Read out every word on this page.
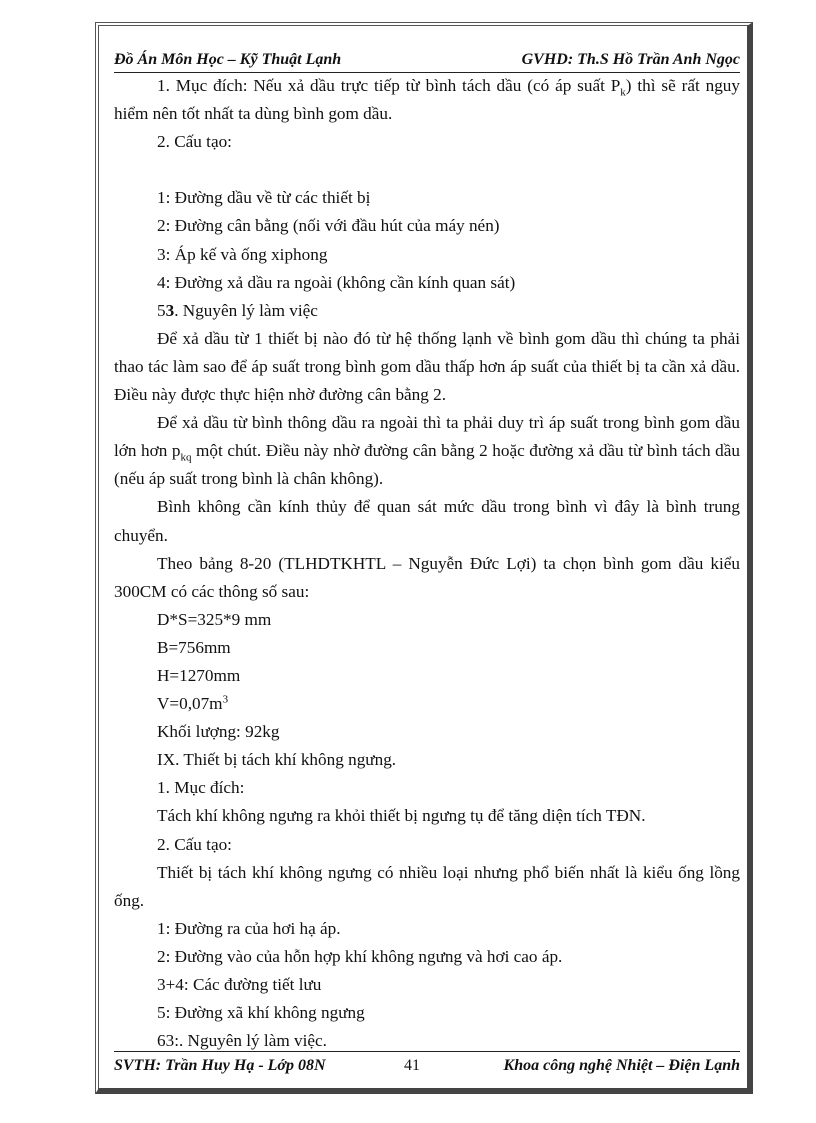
Đồ Án Môn Học – Kỹ Thuật Lạnh	GVHD: Th.S Hồ Trần Anh Ngọc

1. Mục đích: Nếu xả dầu trực tiếp từ bình tách dầu (có áp suất $P_k$) thì sẽ rất nguy hiểm nên tốt nhất ta dùng bình gom dầu.

2. Cấu tạo:

1: Đường dầu về từ các thiết bị

2: Đường cân bằng (nối với đầu hút của máy nén)

3: Áp kế và ống xiphong

4: Đường xả dầu ra ngoài (không cần kính quan sát)

53. Nguyên lý làm việc

Để xả dầu từ 1 thiết bị nào đó từ hệ thống lạnh về bình gom dầu thì chúng ta phải thao tác làm sao để áp suất trong bình gom dầu thấp hơn áp suất của thiết bị ta cần xả dầu. Điều này được thực hiện nhờ đường cân bằng 2.

Để xả dầu từ bình thông dầu ra ngoài thì ta phải duy trì áp suất trong bình gom dầu lớn hơn $p_{kq}$ một chút. Điều này nhờ đường cân bằng 2 hoặc đường xả dầu từ bình tách dầu (nếu áp suất trong bình là chân không).

Bình không cần kính thủy để quan sát mức dầu trong bình vì đây là bình trung chuyển.

Theo bảng 8-20 (TLHDTKHTL – Nguyễn Đức Lợi) ta chọn bình gom dầu kiểu 300CM có các thông số sau:

D*S=325*9 mm

B=756mm

H=1270mm

$V=0,07m^3$

Khối lượng: 92kg

IX. Thiết bị tách khí không ngưng.

1. Mục đích:

Tách khí không ngưng ra khỏi thiết bị ngưng tụ để tăng diện tích TĐN.

2. Cấu tạo:

Thiết bị tách khí không ngưng có nhiều loại nhưng phổ biến nhất là kiểu ống lồng ống.

1: Đường ra của hơi hạ áp.

2: Đường vào của hỗn hợp khí không ngưng và hơi cao áp.

3+4: Các đường tiết lưu

5: Đường xã khí không ngưng

63:. Nguyên lý làm việc.

SVTH: Trần Huy Hạ - Lớp 08N	41	Khoa công nghệ Nhiệt – Điện Lạnh
